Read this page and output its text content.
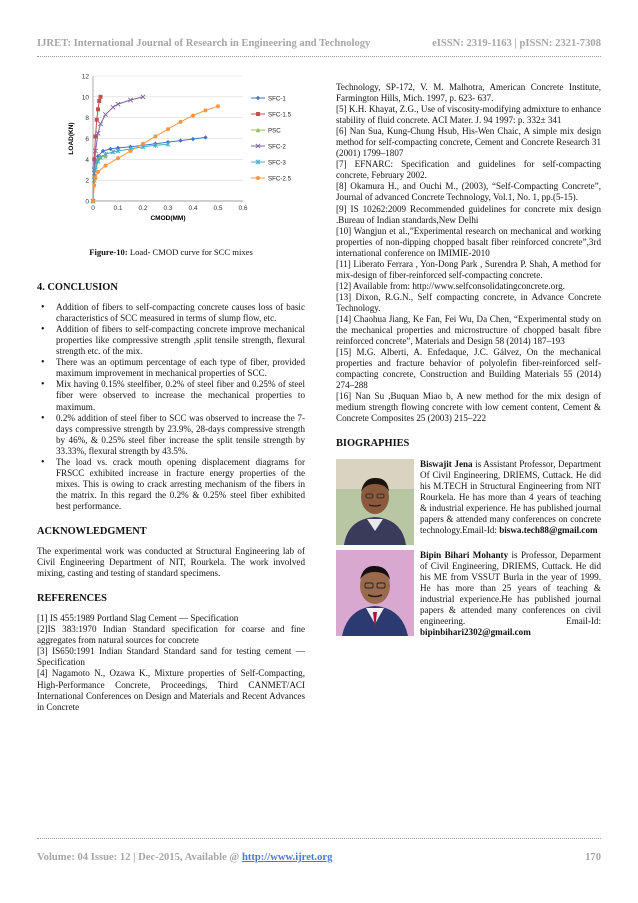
IJRET: International Journal of Research in Engineering and Technology	eISSN: 2319-1163 | pISSN: 2321-7308
0
2
4
6
8
10
12
0	0.1 0.2 0.3 0.4 0.5 0.6
CMOD(MM)
LOAD(KN)
SFC-1
SFC-1.5
PSC
SFC-2
SFC-3
SFC-2.5
Figure-10: Load- CMOD curve for SCC mixes
4. CONCLUSION
• Addition of fibers to self-compacting concrete causes loss of basic characteristics of SCC measured in terms of slump flow, etc.
• Addition of fibers to self-compacting concrete improve mechanical properties like compressive strength ,split tensile strength, flexural strength etc. of the mix.
• There was an optimum percentage of each type of fiber, provided maximum improvement in mechanical properties of SCC.
• Mix having 0.15% steelfiber, 0.2% of steel fiber and 0.25% of steel fiber were observed to increase the mechanical properties to maximum.
• 0.2% addition of steel fiber to SCC was observed to increase the 7-days compressive strength by 23.9%, 28-days compressive strength by 46%, & 0.25% steel fiber increase the split tensile strength by 33.33%, flexural strength by 43.5%.
• The load vs. crack mouth opening displacement diagrams for FRSCC exhibited increase in fracture energy properties of the mixes. This is owing to crack arresting mechanism of the fibers in the matrix. In this regard the 0.2% & 0.25% steel fiber exhibited best performance.
ACKNOWLEDGMENT

The experimental work was conducted at Structural Engineering lab of Civil Engineering Department of NIT, Rourkela. The work involved mixing, casting and testing of standard specimens.

REFERENCES

[1] IS 455:1989 Portland Slag Cement — Specification

[2]IS 383:1970 Indian Standard specification for coarse and fine aggregates from natural sources for concrete

[3] IS650:1991 Indian Standard Standard sand for testing cement —Specification

[4] Nagamoto N., Ozawa K., Mixture properties of Self-Compacting, High-Performance Concrete, Proceedings, Third CANMET/ACI International Conferences on Design and Materials and Recent Advances in Concrete

Technology, SP-172, V. M. Malhotra, American Concrete Institute, Farmington Hills, Mich. 1997, p. 623- 637.

[5] K.H. Khayat, Z.G., Use of viscosity-modifying admixture to enhance stability of fluid concrete. ACI Mater. J. 94 1997: p. 332± 341

[6] Nan Sua, Kung-Chung Hsub, His-Wen Chaic, A simple mix design method for self-compacting concrete, Cement and Concrete Research 31 (2001) 1799–1807

[7] EFNARC: Specification and guidelines for self-compacting concrete, February 2002.

[8] Okamura H., and Ouchi M., (2003), “Self-Compacting Concrete”, Journal of advanced Concrete Technology, Vol.1, No. 1, pp.(5-15).

[9] IS 10262:2009 Recommended guidelines for concrete mix design .Bureau of Indian standards,New Delhi

[10] Wangjun et al.,”Experimental research on mechanical and working properties of non-dipping chopped basalt fiber reinforced concrete”,3rd international conference on IMIMIE-2010

[11] Liberato Ferrara , Yon-Dong Park , Surendra P. Shah, A method for mix-design of fiber-reinforced self-compacting concrete.

[12] Available from: http://www.selfconsolidatingconcrete.org.

[13] Dixon, R.G.N., Self compacting concrete, in Advance Concrete Technology.

[14] Chaohua Jiang, Ke Fan, Fei Wu, Da Chen, “Experimental study on the mechanical properties and microstructure of chopped basalt fibre reinforced concrete”, Materials and Design 58 (2014) 187–193

[15] M.G. Alberti, A. Enfedaque, J.C. Gálvez, On the mechanical properties and fracture behavior of polyolefin fiber-reinforced self-compacting concrete, Construction and Building Materials 55 (2014) 274–288

[16] Nan Su ,Buquan Miao b, A new method for the mix design of medium strength flowing concrete with low cement content, Cement & Concrete Composites 25 (2003) 215–222

BIOGRAPHIES
Biswajit Jena is Assistant Professor, Department Of Civil Engineering, DRIEMS, Cuttack. He did his M.TECH in Structural Engineering from NIT Rourkela. He has more than 4 years of teaching & industrial experience. He has published journal papers & attended many conferences on concrete technology.Email-Id: biswa.tech88@gmail.com
Bipin Bihari Mohanty is Professor, Deparment of Civil Engineering, DRIEMS, Cuttack. He did his ME from VSSUT Burla in the year of 1999. He has more than 25 years of teaching & industrial experience.He has published journal papers & attended many conferences on civil engineering. Email-Id: bipinbihari2302@gmail.com
Volume: 04 Issue: 12 | Dec-2015, Available @ http://www.ijret.org	170
